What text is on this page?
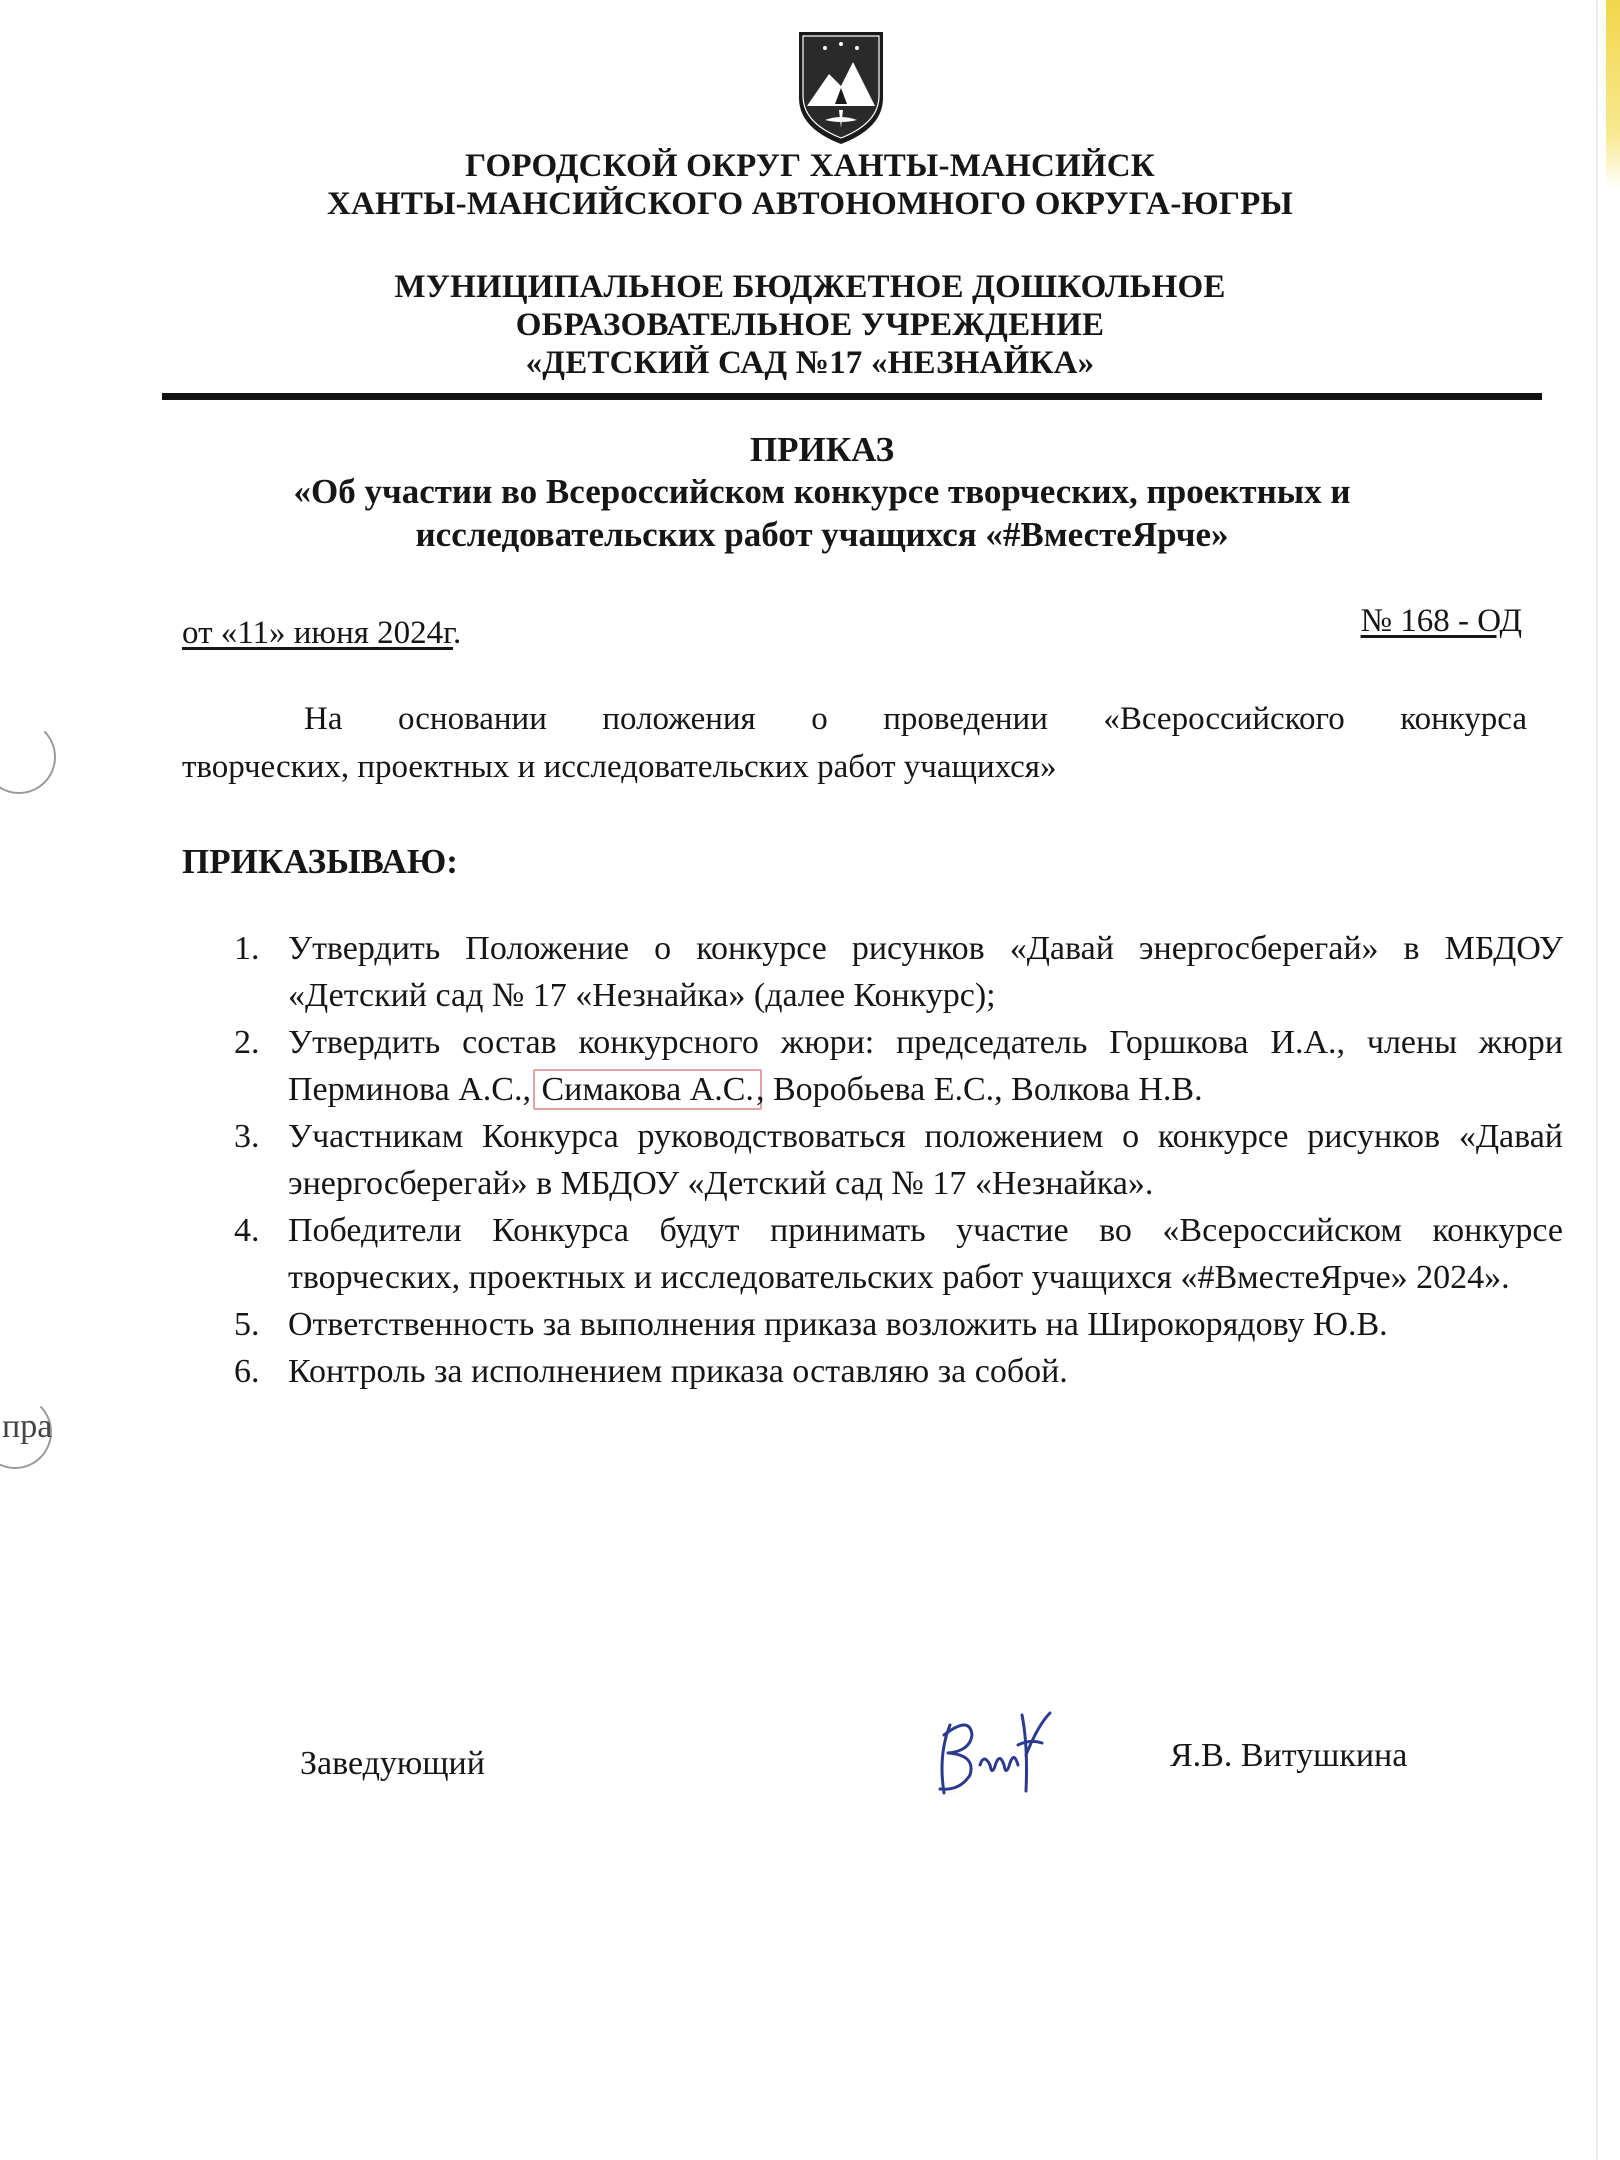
пра
ГОРОДСКОЙ ОКРУГ ХАНТЫ-МАНСИЙСК
ХАНТЫ-МАНСИЙСКОГО АВТОНОМНОГО ОКРУГА-ЮГРЫ
МУНИЦИПАЛЬНОЕ БЮДЖЕТНОЕ ДОШКОЛЬНОЕ
ОБРАЗОВАТЕЛЬНОЕ УЧРЕЖДЕНИЕ
«ДЕТСКИЙ САД №17 «НЕЗНАЙКА»
ПРИКАЗ
«Об участии во Всероссийском конкурсе творческих, проектных и
исследовательских работ учащихся «#ВместеЯрче»
от «11» июня 2024г.	№ 168 - ОД
На основании положения о проведении «Всероссийского конкурса
творческих, проектных и исследовательских работ учащихся»
ПРИКАЗЫВАЮ:
1. Утвердить Положение о конкурсе рисунков «Давай энергосберегай» в МБДОУ «Детский сад № 17 «Незнайка» (далее Конкурс);
2. Утвердить состав конкурсного жюри: председатель Горшкова И.А., члены жюри Перминова А.С., Симакова А.С., Воробьева Е.С., Волкова Н.В.
3. Участникам Конкурса руководствоваться положением о конкурсе рисунков «Давай энергосберегай» в МБДОУ «Детский сад № 17 «Незнайка».
4. Победители Конкурса будут принимать участие во «Всероссийском конкурсе творческих, проектных и исследовательских работ учащихся «#ВместеЯрче» 2024».
5. Ответственность за выполнения приказа возложить на Широкорядову Ю.В.
6. Контроль за исполнением приказа оставляю за собой.
Заведующий	Я.В. Витушкина
